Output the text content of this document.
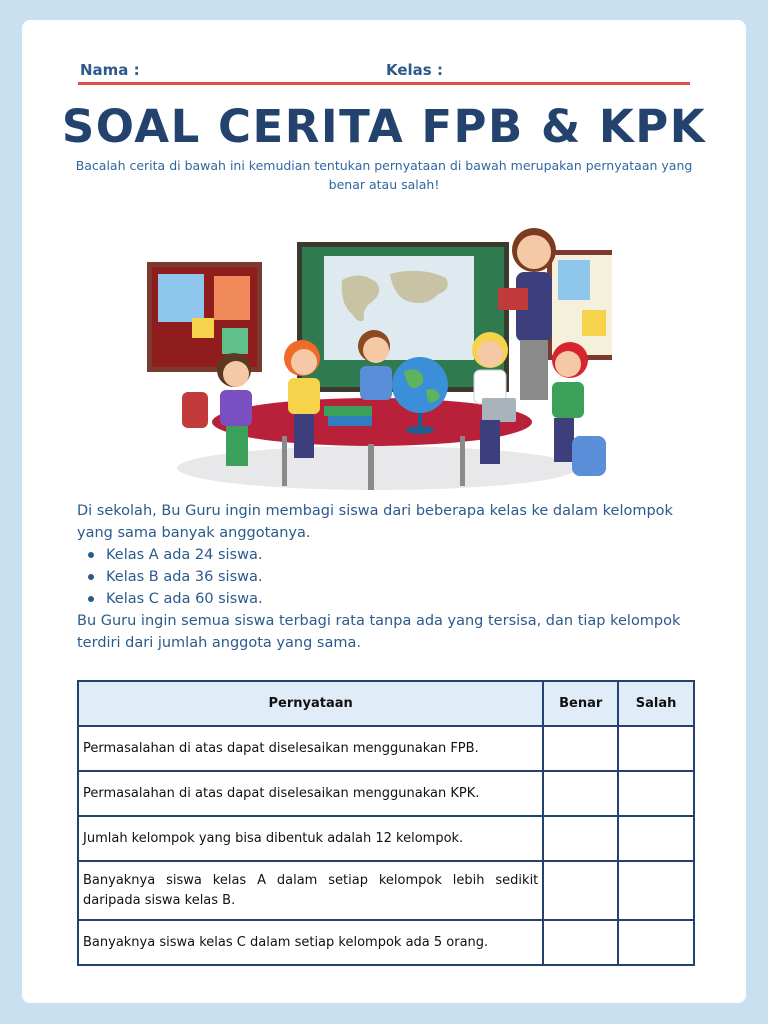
Nama :	Kelas :
SOAL CERITA FPB & KPK
Bacalah cerita di bawah ini kemudian tentukan pernyataan di bawah merupakan pernyataan yang benar atau salah!

Di sekolah, Bu Guru ingin membagi siswa dari beberapa kelas ke dalam kelompok yang sama banyak anggotanya.

Kelas A ada 24 siswa.
Kelas B ada 36 siswa.
Kelas C ada 60 siswa.

Bu Guru ingin semua siswa terbagi rata tanpa ada yang tersisa, dan tiap kelompok terdiri dari jumlah anggota yang sama.

Pernyataan	Benar	Salah
Permasalahan di atas dapat diselesaikan menggunakan FPB.		
Permasalahan di atas dapat diselesaikan menggunakan KPK.		
Jumlah kelompok yang bisa dibentuk adalah 12 kelompok.		
Banyaknya siswa kelas A dalam setiap kelompok lebih sedikit daripada siswa kelas B.		
Banyaknya siswa kelas C dalam setiap kelompok ada 5 orang.		
